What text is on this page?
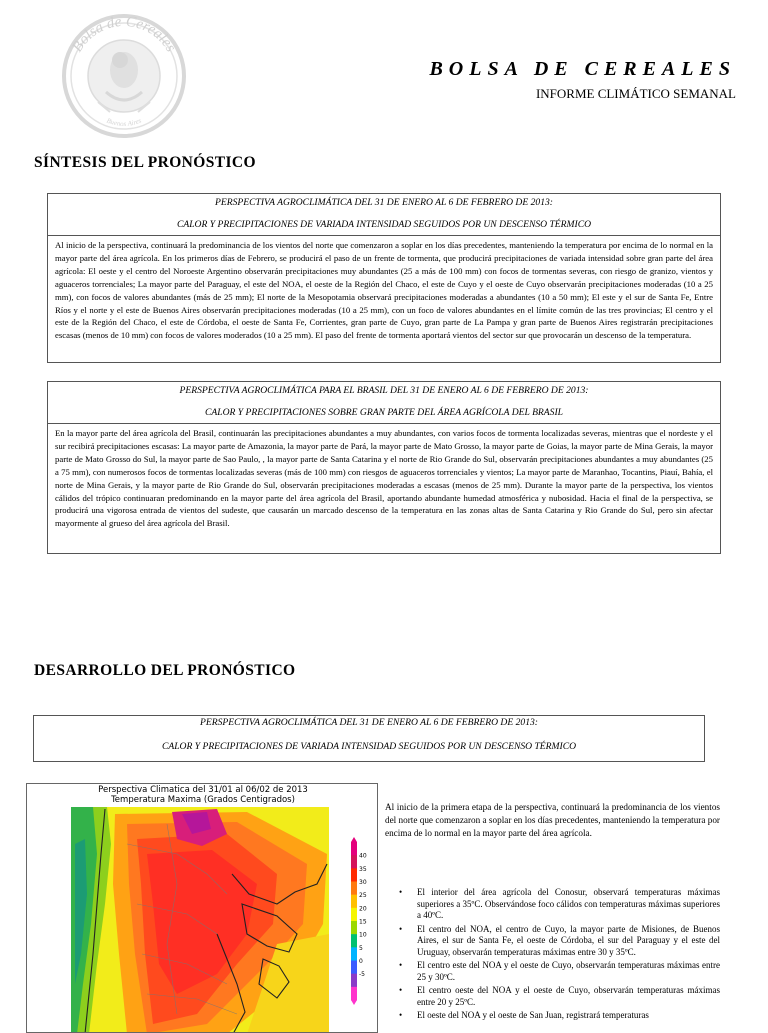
Bolsa de Cereales
Buenos Aires
BOLSA DE CEREALES
INFORME CLIMÁTICO SEMANAL
SÍNTESIS DEL PRONÓSTICO

PERSPECTIVA AGROCLIMÁTICA DEL 31 DE ENERO AL 6 DE FEBRERO DE 2013:

CALOR Y PRECIPITACIONES DE VARIADA INTENSIDAD SEGUIDOS POR UN DESCENSO TÉRMICO

Al inicio de la perspectiva, continuará la predominancia de los vientos del norte que comenzaron a soplar en los días precedentes, manteniendo la temperatura por encima de lo normal en la mayor parte del área agrícola. En los primeros días de Febrero, se producirá el paso de un frente de tormenta, que producirá precipitaciones de variada intensidad sobre gran parte del área agrícola: El oeste y el centro del Noroeste Argentino observarán precipitaciones muy abundantes (25 a más de 100 mm) con focos de tormentas severas, con riesgo de granizo, vientos y aguaceros torrenciales; La mayor parte del Paraguay, el este del NOA, el oeste de la Región del Chaco, el este de Cuyo y el oeste de Cuyo observarán precipitaciones moderadas (10 a 25 mm), con focos de valores abundantes (más de 25 mm); El norte de la Mesopotamia observará precipitaciones moderadas a abundantes (10 a 50 mm); El este y el sur de Santa Fe, Entre Ríos y el norte y el este de Buenos Aires observarán precipitaciones moderadas (10 a 25 mm), con un foco de valores abundantes en el límite común de las tres provincias; El centro y el este de la Región del Chaco, el este de Córdoba, el oeste de Santa Fe, Corrientes, gran parte de Cuyo, gran parte de La Pampa y gran parte de Buenos Aires registrarán precipitaciones escasas (menos de 10 mm) con focos de valores moderados (10 a 25 mm). El paso del frente de tormenta aportará vientos del sector sur que provocarán un descenso de la temperatura.

PERSPECTIVA AGROCLIMÁTICA PARA EL BRASIL DEL 31 DE ENERO AL 6 DE FEBRERO DE 2013:

CALOR Y PRECIPITACIONES SOBRE GRAN PARTE DEL ÁREA AGRÍCOLA DEL BRASIL

En la mayor parte del área agrícola del Brasil, continuarán las precipitaciones abundantes a muy abundantes, con varios focos de tormenta localizadas severas, mientras que el nordeste y el sur recibirá precipitaciones escasas: La mayor parte de Amazonia, la mayor parte de Pará, la mayor parte de Mato Grosso, la mayor parte de Goias, la mayor parte de Mina Gerais, la mayor parte de Mato Grosso do Sul, la mayor parte de Sao Paulo, , la mayor parte de Santa Catarina y el norte de Rio Grande do Sul, observarán precipitaciones abundantes a muy abundantes (25 a 75 mm), con numerosos focos de tormentas localizadas severas (más de 100 mm) con riesgos de aguaceros torrenciales y vientos; La mayor parte de Maranhao, Tocantins, Piauí, Bahía, el norte de Mina Gerais, y la mayor parte de Rio Grande do Sul, observarán precipitaciones moderadas a escasas (menos de 25 mm). Durante la mayor parte de la perspectiva, los vientos cálidos del trópico continuaran predominando en la mayor parte del área agrícola del Brasil, aportando abundante humedad atmosférica y nubosidad. Hacia el final de la perspectiva, se producirá una vigorosa entrada de vientos del sudeste, que causarán un marcado descenso de la temperatura en las zonas altas de Santa Catarina y Rio Grande do Sul, pero sin afectar mayormente al grueso del área agrícola del Brasil.

DESARROLLO DEL PRONÓSTICO

PERSPECTIVA AGROCLIMÁTICA DEL 31 DE ENERO AL 6 DE FEBRERO DE 2013:

CALOR Y PRECIPITACIONES DE VARIADA INTENSIDAD SEGUIDOS POR UN DESCENSO TÉRMICO

Perspectiva Climatica del 31/01 al 06/02 de 2013
Temperatura Maxima (Grados Centigrados)
40
35
30
25
20
15
10
5
0
-5

Al inicio de la primera etapa de la perspectiva, continuará la predominancia de los vientos del norte que comenzaron a soplar en los días precedentes, manteniendo la temperatura por encima de lo normal en la mayor parte del área agrícola.

• El interior del área agrícola del Conosur, observará temperaturas máximas superiores a 35ºC. Observándose foco cálidos con temperaturas máximas superiores a 40ºC.
• El centro del NOA, el centro de Cuyo, la mayor parte de Misiones, de Buenos Aires, el sur de Santa Fe, el oeste de Córdoba, el sur del Paraguay y el este del Uruguay, observarán temperaturas máximas entre 30 y 35ºC.
• El centro este del NOA y el oeste de Cuyo, observarán temperaturas máximas entre 25 y 30ºC.
• El centro oeste del NOA y el oeste de Cuyo, observarán temperaturas máximas entre 20 y 25ºC.
• El oeste del NOA y el oeste de San Juan, registrará temperaturas
